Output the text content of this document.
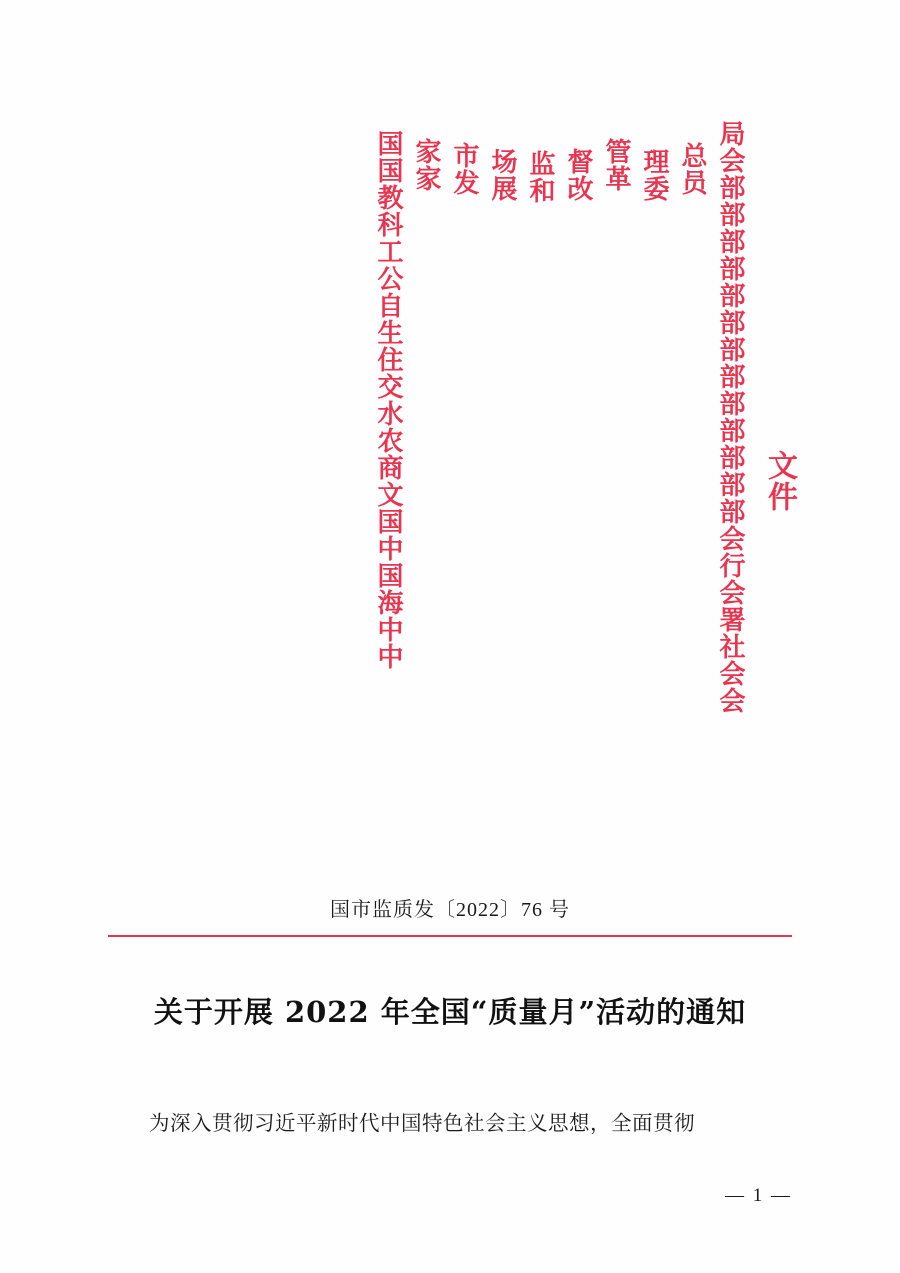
文件
局会部部部部部部部部部部部部部会行会署社会会
总员
理委
管革
督改
监和
场展
市发
家家
国国教科工公自生住交水农商文国中国海中中
国市监质发〔2022〕76 号
关于开展 2022 年全国“质量月”活动的通知
为深入贯彻习近平新时代中国特色社会主义思想，全面贯彻
— 1 —
